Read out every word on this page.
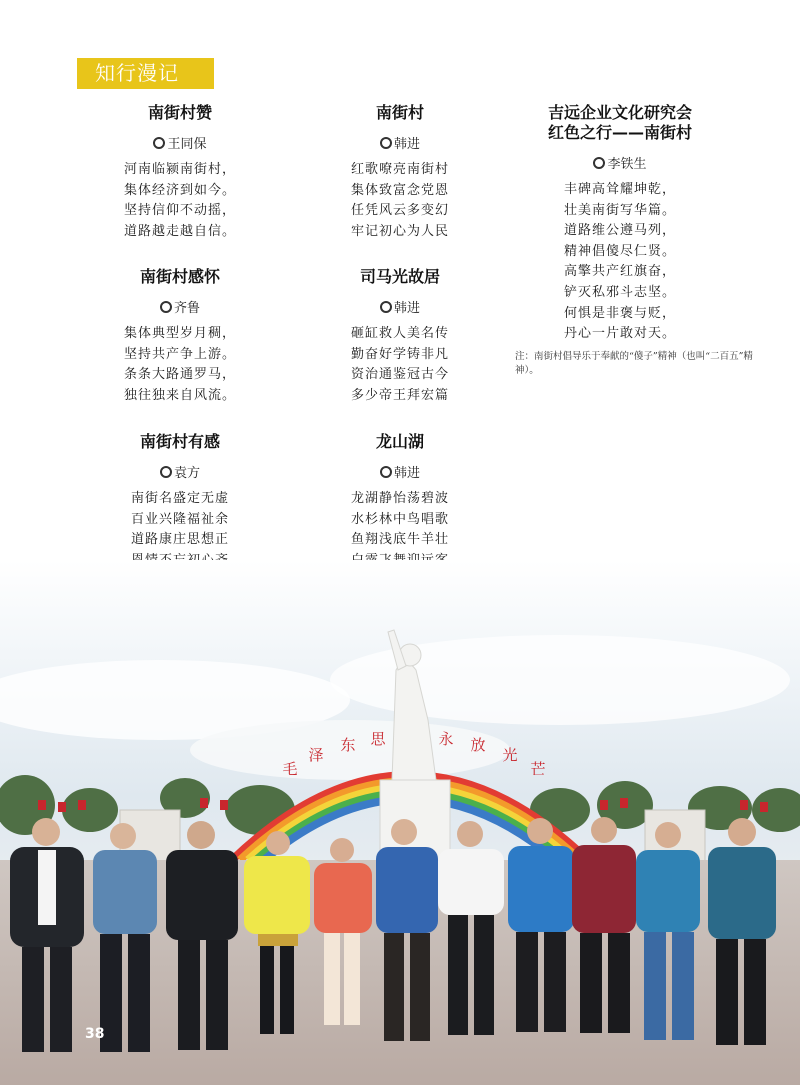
知行漫记
南街村赞
王同保
河南临颍南街村，
集体经济到如今。
坚持信仰不动摇，
道路越走越自信。
南街村感怀
齐鲁
集体典型岁月稠，
坚持共产争上游。
条条大路通罗马，
独往独来自风流。
南街村有感
袁方
南街名盛定无虚
百业兴隆福祉余
道路康庄思想正
南街村
韩进
红歌嘹亮南街村
集体致富念党恩
任凭风云多变幻
牢记初心为人民
司马光故居
韩进
砸缸救人美名传
勤奋好学铸非凡
资治通鉴冠古今
多少帝王拜宏篇
龙山湖
韩进
龙湖静怡荡碧波
水杉林中鸟唱歌
鱼翔浅底牛羊壮
吉远企业文化研究会
红色之行——南街村
李铁生
丰碑高耸耀坤乾，
壮美南街写华篇。
道路维公遵马列，
精神倡傻尽仁贤。
高擎共产红旗奋，
铲灭私邪斗志坚。
何惧是非褒与贬，
丹心一片敢对天。
注：南街村倡导乐于奉献的“傻子”精神（也叫“二百五”精神）。
毛
泽
东 思	永 放
光
芒
38
